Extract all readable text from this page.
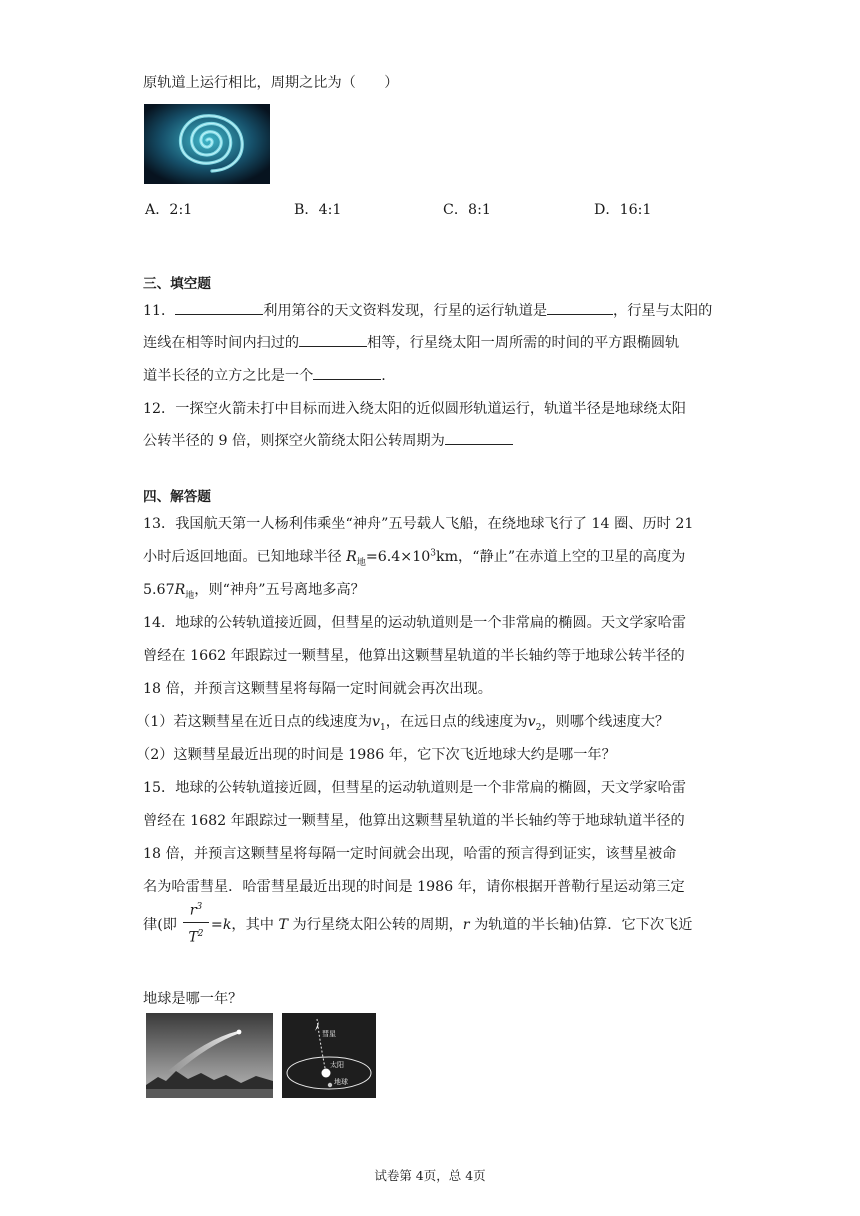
原轨道上运行相比，周期之比为（　　）
A．2:1	B．4:1	C．8:1	D．16:1
三、填空题
11．	利用第谷的天文资料发现，行星的运行轨道是	，行星与太阳的
连线在相等时间内扫过的	相等，行星绕太阳一周所需的时间的平方跟椭圆轨
道半长径的立方之比是一个	.
12．一探空火箭未打中目标而进入绕太阳的近似圆形轨道运行，轨道半径是地球绕太阳
公转半径的 9 倍，则探空火箭绕太阳公转周期为
四、解答题
13．我国航天第一人杨利伟乘坐“神舟”五号载人飞船，在绕地球飞行了 14 圈、历时 21
小时后返回地面。已知地球半径 $R_地=6.4\times 10^3km$，“静止”在赤道上空的卫星的高度为
$5.67R_地$，则“神舟”五号离地多高？
14．地球的公转轨道接近圆，但彗星的运动轨道则是一个非常扁的椭圆。天文学家哈雷
曾经在 1662 年跟踪过一颗彗星，他算出这颗彗星轨道的半长轴约等于地球公转半径的
18 倍，并预言这颗彗星将每隔一定时间就会再次出现。
（1）若这颗彗星在近日点的线速度为$v_1$，在远日点的线速度为$v_2$，则哪个线速度大？
（2）这颗彗星最近出现的时间是 1986 年，它下次飞近地球大约是哪一年？
15．地球的公转轨道接近圆，但彗星的运动轨道则是一个非常扁的椭圆，天文学家哈雷
曾经在 1682 年跟踪过一颗彗星，他算出这颗彗星轨道的半长轴约等于地球轨道半径的
18 倍，并预言这颗彗星将每隔一定时间就会出现，哈雷的预言得到证实，该彗星被命
名为哈雷彗星．哈雷彗星最近出现的时间是 1986 年，请你根据开普勒行星运动第三定
律(即 =k，其中 T 为行星绕太阳公转的周期，r 为轨道的半长轴)估算．它下次飞近
$r^3$
$T^2$
地球是哪一年？
彗星
太阳
地球
试卷第 4页，总 4页
